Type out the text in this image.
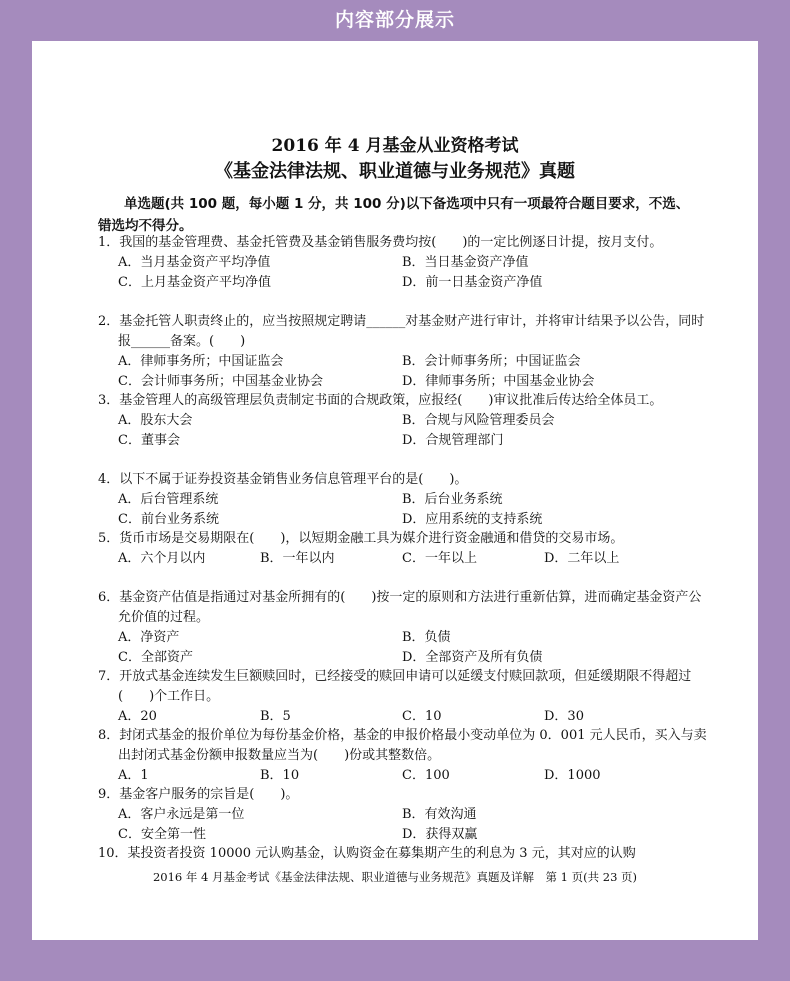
内容部分展示
2016 年 4 月基金从业资格考试
《基金法律法规、职业道德与业务规范》真题
单选题(共 100 题，每小题 1 分，共 100 分)以下备选项中只有一项最符合题目要求，不选、错选均不得分。
1．我国的基金管理费、基金托管费及基金销售服务费均按(　　)的一定比例逐日计提，按月支付。
A．当月基金资产平均净值	B．当日基金资产净值
C．上月基金资产平均净值	D．前一日基金资产净值
2．基金托管人职责终止的，应当按照规定聘请______对基金财产进行审计，并将审计结果予以公告，同时报______备案。(　　)
A．律师事务所；中国证监会	B．会计师事务所；中国证监会
C．会计师事务所；中国基金业协会	D．律师事务所；中国基金业协会
3．基金管理人的高级管理层负责制定书面的合规政策，应报经(　　)审议批准后传达给全体员工。
A．股东大会	B．合规与风险管理委员会
C．董事会	D．合规管理部门
4．以下不属于证券投资基金销售业务信息管理平台的是(　　)。
A．后台管理系统	B．后台业务系统
C．前台业务系统	D．应用系统的支持系统
5．货币市场是交易期限在(　　)，以短期金融工具为媒介进行资金融通和借贷的交易市场。
A．六个月以内	B．一年以内	C．一年以上	D．二年以上
6．基金资产估值是指通过对基金所拥有的(　　)按一定的原则和方法进行重新估算，进而确定基金资产公允价值的过程。
A．净资产	B．负债
C．全部资产	D．全部资产及所有负债
7．开放式基金连续发生巨额赎回时，已经接受的赎回申请可以延缓支付赎回款项，但延缓期限不得超过(　　)个工作日。
A．20	B．5	C．10	D．30
8．封闭式基金的报价单位为每份基金价格，基金的申报价格最小变动单位为 0．001 元人民币，买入与卖出封闭式基金份额申报数量应当为(　　)份或其整数倍。
A．1	B．10	C．100	D．1000
9．基金客户服务的宗旨是(　　)。
A．客户永远是第一位	B．有效沟通
C．安全第一性	D．获得双赢
10．某投资者投资 10000 元认购基金，认购资金在募集期产生的利息为 3 元，其对应的认购
2016 年 4 月基金考试《基金法律法规、职业道德与业务规范》真题及详解　第 1 页(共 23 页)
